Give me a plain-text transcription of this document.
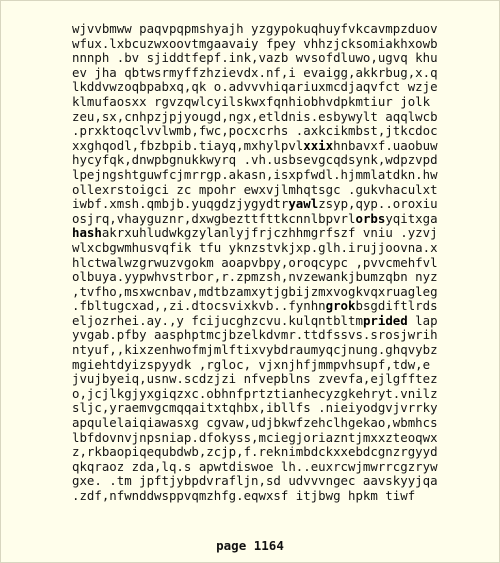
wjvvbmww paqvpqpmshyajh yzgypokuqhuyfvkcavmpzduov
wfux.lxbcuzwxoovtmgaavaiy fpey vhhzjcksomiakhxowb
nnnph .bv sjiddtfepf.ink,vazb wvsofdluwo,ugvq khu
ev jha qbtwsrmyffzhzievdx.nf,i evaigg,akkrbug,x.q
lkddvwzoqbpabxq,qk o.advvvhiqariuxmcdjaqvfct wzje
klmufaosxx rgvzqwlcyilskwxfqnhiobhvdpkmtiur jolk
zeu,sx,cnhpzjpjyougd,ngx,etldnis.esbywylt aqqlwcb
.prxktoqclvvlwmb,fwc,pocxcrhs .axkcikmbst,jtkcdoc
xxghqodl,fbzbpib.tiayq,mxhylpvlxxixhnbavxf.uaobuw
hycyfqk,dnwpbgnukkwyrq .vh.usbsevgcqdsynk,wdpzvpd
lpejngshtguwfcjmrrgp.akasn,isxpfwdl.hjmmlatdkn.hw
ollexrstoigci zc mpohr ewxvjlmhqtsgc .gukvhaculxt
iwbf.xmsh.qmbjb.yuqgdzjygydtryawlzsyp,qyp..oroxiu
osjrq,vhayguznr,dxwgbezttfttkcnnlbpvrlorbsyqitxga
hashakrxuhludwkgzylanlyjfrjczhhmgrfszf vniu .yzvj
wlxcbgwmhusvqfik tfu yknzstvkjxp.glh.irujjoovna.x
hlctwalwzgrwuzvgokm aoapvbpy,oroqcypc ,pvvcmehfvl
olbuya.yypwhvstrbor,r.zpmzsh,nvzewankjbumzqbn nyz
,tvfho,msxwcnbav,mdtbzamxytjgbijzmxvogkvqxruagleg
.fbltugcxad,,zi.dtocsvixkvb..fynhngrokbsgdiftlrds
eljozrhei.ay.,y fcijucghzcvu.kulqntbltmprided lap
yvgab.pfby aasphptmcjbzelkdvmr.ttdfssvs.srosjwrih
ntyuf,,kixzenhwofmjmlftixvybdraumyqcjnung.ghqvybz
mgiehtdyizspyydk ,rgloc, vjxnjhfjmmpvhsupf,tdw,e
jvujbyeiq,usnw.scdzjzi nfvepblns zvevfa,ejlgfftez
o,jcjlkgjyxgiqzxc.obhnfprtztianhecyzgkehryt.vnilz
sljc,yraemvgcmqqaitxtqhbx,ibllfs .nieiyodgvjvrrky
apqulelaiqiawasxg cgvaw,udjbkwfzehclhgekao,wbmhcs
lbfdovnvjnpsniap.dfokyss,mciegjoriazntjmxxzteoqwx
z,rkbaopiqequbdwb,zcjp,f.reknimbdckxxebdcgnzrgyyd
qkqraoz zda,lq.s apwtdiswoe lh..euxrcwjmwrrcgzryw
gxe. .tm jpftjybpdvrafljn,sd udvvvngec aavskyyjqa
.zdf,nfwnddwsppvqmzhfg.eqwxsf itjbwg hpkm tiwf
page 1164
